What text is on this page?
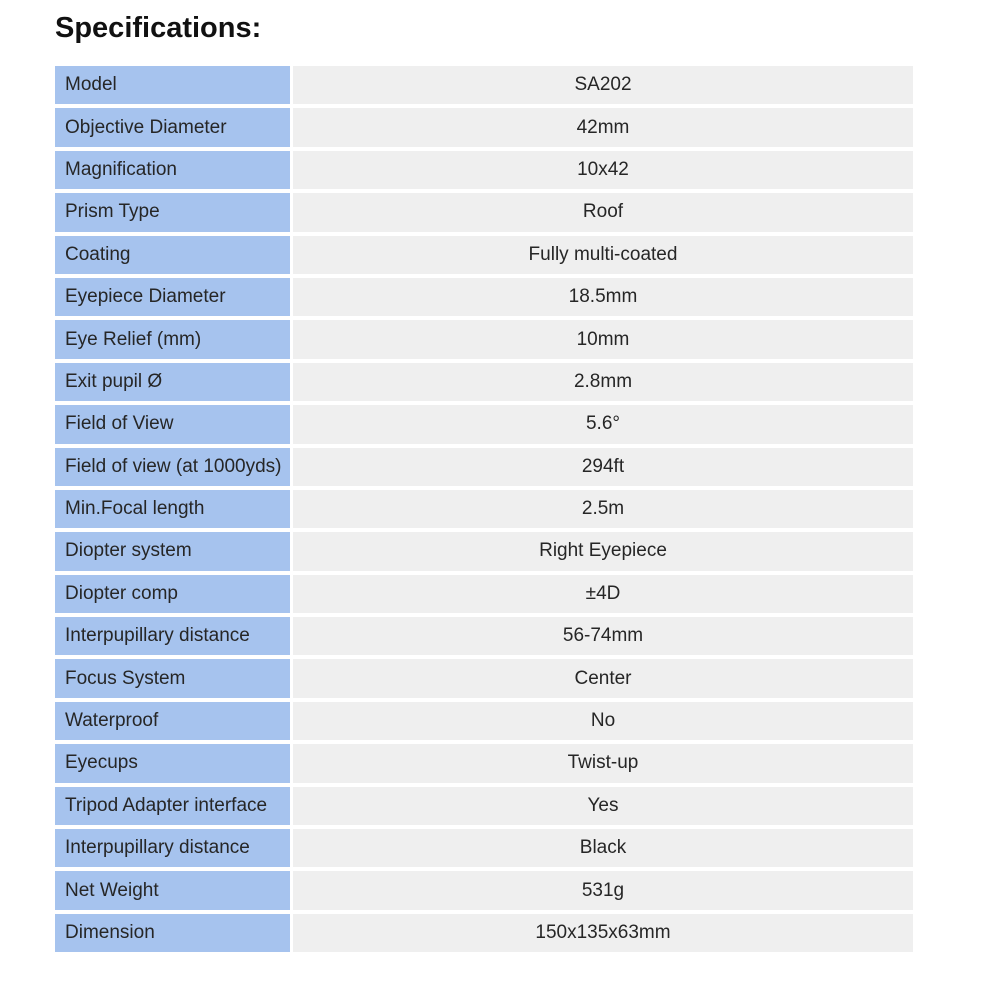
Specifications:
Model		SA202
Objective Diameter		42mm
Magnification		10x42
Prism Type		Roof
Coating		Fully multi-coated
Eyepiece Diameter		18.5mm
Eye Relief (mm)		10mm
Exit pupil Ø		2.8mm
Field of View		5.6°
Field of view (at 1000yds)		294ft
Min.Focal length		2.5m
Diopter system		Right Eyepiece
Diopter comp		±4D
Interpupillary distance		56-74mm
Focus System		Center
Waterproof		No
Eyecups		Twist-up
Tripod Adapter interface		Yes
Interpupillary distance		Black
Net Weight		531g
Dimension		150x135x63mm
